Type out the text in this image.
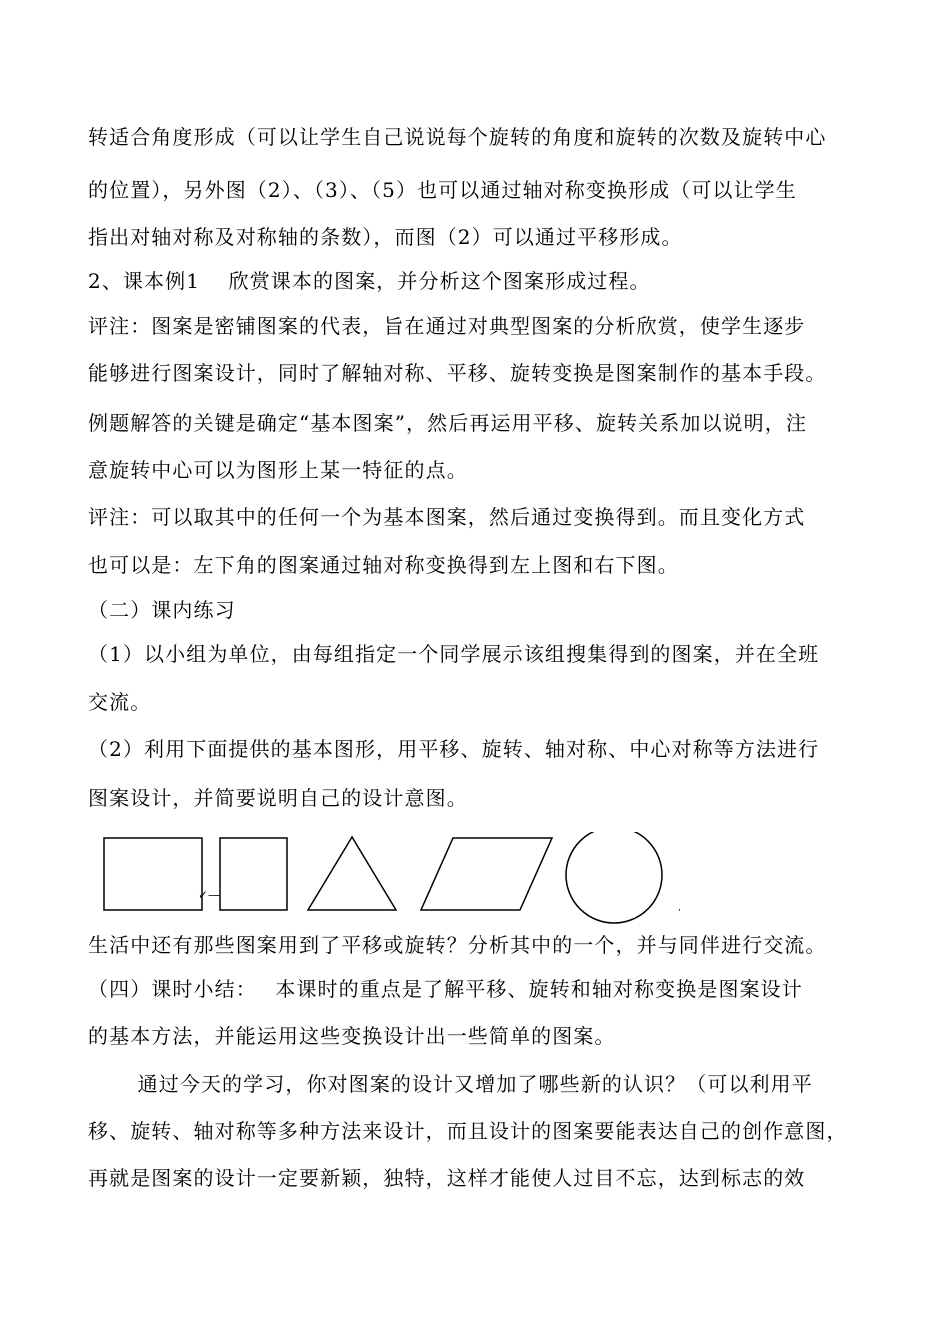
转适合角度形成（可以让学生自己说说每个旋转的角度和旋转的次数及旋转中心
的位置），另外图（2）、（3）、（5）也可以通过轴对称变换形成（可以让学生
指出对轴对称及对称轴的条数），而图（2）可以通过平移形成。
2、课本例1　 欣赏课本的图案，并分析这个图案形成过程。
评注：图案是密铺图案的代表，旨在通过对典型图案的分析欣赏，使学生逐步
能够进行图案设计，同时了解轴对称、平移、旋转变换是图案制作的基本手段。
例题解答的关键是确定“基本图案”，然后再运用平移、旋转关系加以说明，注
意旋转中心可以为图形上某一特征的点。
评注：可以取其中的任何一个为基本图案，然后通过变换得到。而且变化方式
也可以是：左下角的图案通过轴对称变换得到左上图和右下图。
（二）课内练习
（1）以小组为单位，由每组指定一个同学展示该组搜集得到的图案，并在全班
交流。
（2）利用下面提供的基本图形，用平移、旋转、轴对称、中心对称等方法进行
图案设计，并简要说明自己的设计意图。
✓—
生活中还有那些图案用到了平移或旋转？分析其中的一个，并与同伴进行交流。
（四）课时小结：　 本课时的重点是了解平移、旋转和轴对称变换是图案设计
的基本方法，并能运用这些变换设计出一些简单的图案。
　　 通过今天的学习，你对图案的设计又增加了哪些新的认识？（可以利用平
移、旋转、轴对称等多种方法来设计，而且设计的图案要能表达自己的创作意图，
再就是图案的设计一定要新颖，独特，这样才能使人过目不忘，达到标志的效
